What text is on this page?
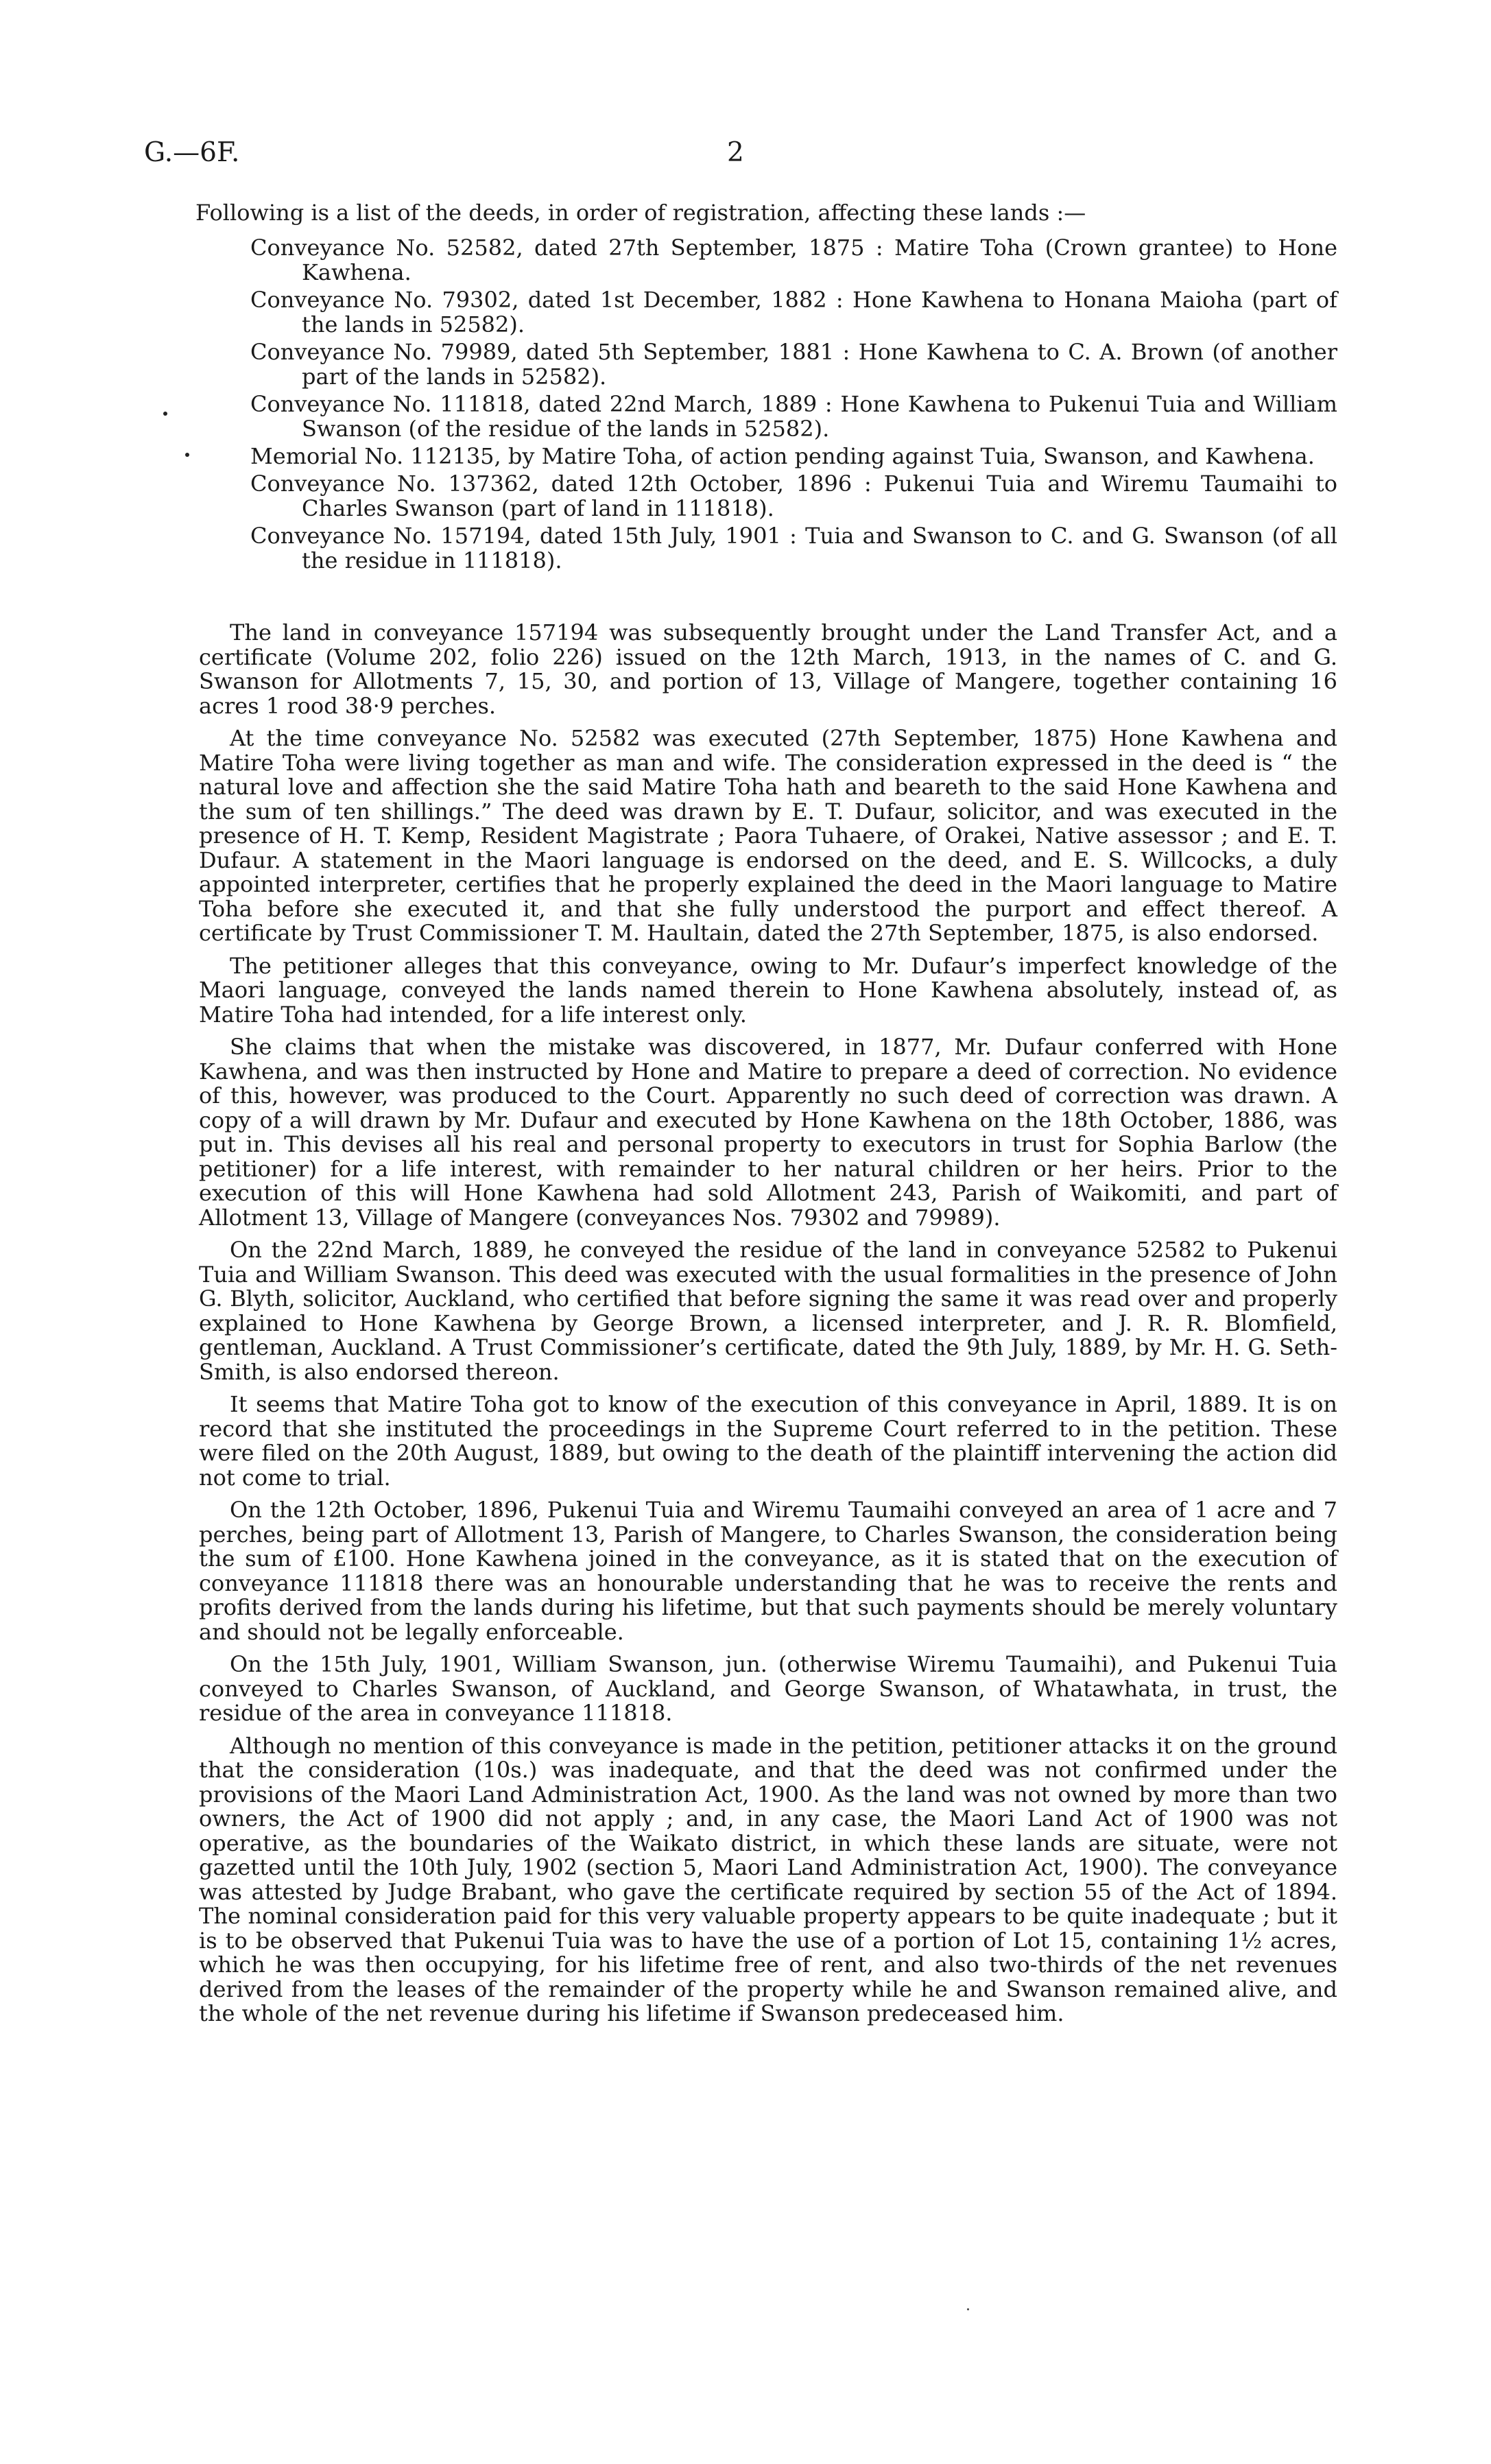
G.—6F.	2

Following is a list of the deeds, in order of registration, affecting these lands :—

Conveyance No. 52582, dated 27th September, 1875 : Matire Toha (Crown grantee) to Hone Kawhena.
Conveyance No. 79302, dated 1st December, 1882 : Hone Kawhena to Honana Maioha (part of the lands in 52582).
Conveyance No. 79989, dated 5th September, 1881 : Hone Kawhena to C. A. Brown (of another part of the lands in 52582).
Conveyance No. 111818, dated 22nd March, 1889 : Hone Kawhena to Pukenui Tuia and William Swanson (of the residue of the lands in 52582).
Memorial No. 112135, by Matire Toha, of action pending against Tuia, Swanson, and Kawhena.
Conveyance No. 137362, dated 12th October, 1896 : Pukenui Tuia and Wiremu Taumaihi to Charles Swanson (part of land in 111818).
Conveyance No. 157194, dated 15th July, 1901 : Tuia and Swanson to C. and G. Swanson (of all the residue in 111818).

The land in conveyance 157194 was subsequently brought under the Land Transfer Act, and a certificate (Volume 202, folio 226) issued on the 12th March, 1913, in the names of C. and G. Swanson for Allotments 7, 15, 30, and portion of 13, Village of Mangere, together containing 16 acres 1 rood 38·9 perches.

At the time conveyance No. 52582 was executed (27th September, 1875) Hone Kawhena and Matire Toha were living together as man and wife. The consideration expressed in the deed is “ the natural love and affection she the said Matire Toha hath and beareth to the said Hone Kawhena and the sum of ten shillings.” The deed was drawn by E. T. Dufaur, solicitor, and was executed in the presence of H. T. Kemp, Resident Magistrate ; Paora Tuhaere, of Orakei, Native assessor ; and E. T. Dufaur. A statement in the Maori language is endorsed on the deed, and E. S. Willcocks, a duly appointed interpreter, certifies that he properly explained the deed in the Maori language to Matire Toha before she executed it, and that she fully understood the purport and effect thereof. A certificate by Trust Commissioner T. M. Haultain, dated the 27th September, 1875, is also endorsed.

The petitioner alleges that this conveyance, owing to Mr. Dufaur’s imperfect knowledge of the Maori language, conveyed the lands named therein to Hone Kawhena absolutely, instead of, as Matire Toha had intended, for a life interest only.

She claims that when the mistake was discovered, in 1877, Mr. Dufaur conferred with Hone Kawhena, and was then instructed by Hone and Matire to prepare a deed of correction. No evidence of this, however, was produced to the Court. Apparently no such deed of correction was drawn. A copy of a will drawn by Mr. Dufaur and executed by Hone Kawhena on the 18th October, 1886, was put in. This devises all his real and personal property to executors in trust for Sophia Barlow (the petitioner) for a life interest, with remainder to her natural children or her heirs. Prior to the execution of this will Hone Kawhena had sold Allotment 243, Parish of Waikomiti, and part of Allotment 13, Village of Mangere (conveyances Nos. 79302 and 79989).

On the 22nd March, 1889, he conveyed the residue of the land in conveyance 52582 to Pukenui Tuia and William Swanson. This deed was executed with the usual formalities in the presence of John G. Blyth, solicitor, Auckland, who certified that before signing the same it was read over and properly explained to Hone Kawhena by George Brown, a licensed interpreter, and J. R. R. Blomfield, gentleman, Auckland. A Trust Commissioner’s certificate, dated the 9th July, 1889, by Mr. H. G. Seth-Smith, is also endorsed thereon.

It seems that Matire Toha got to know of the execution of this conveyance in April, 1889. It is on record that she instituted the proceedings in the Supreme Court referred to in the petition. These were filed on the 20th August, 1889, but owing to the death of the plaintiff intervening the action did not come to trial.

On the 12th October, 1896, Pukenui Tuia and Wiremu Taumaihi conveyed an area of 1 acre and 7 perches, being part of Allotment 13, Parish of Mangere, to Charles Swanson, the consideration being the sum of £100. Hone Kawhena joined in the conveyance, as it is stated that on the execution of conveyance 111818 there was an honourable understanding that he was to receive the rents and profits derived from the lands during his lifetime, but that such payments should be merely voluntary and should not be legally enforceable.

On the 15th July, 1901, William Swanson, jun. (otherwise Wiremu Taumaihi), and Pukenui Tuia conveyed to Charles Swanson, of Auckland, and George Swanson, of Whatawhata, in trust, the residue of the area in conveyance 111818.

Although no mention of this conveyance is made in the petition, petitioner attacks it on the ground that the consideration (10s.) was inadequate, and that the deed was not confirmed under the provisions of the Maori Land Administration Act, 1900. As the land was not owned by more than two owners, the Act of 1900 did not apply ; and, in any case, the Maori Land Act of 1900 was not operative, as the boundaries of the Waikato district, in which these lands are situate, were not gazetted until the 10th July, 1902 (section 5, Maori Land Administration Act, 1900). The conveyance was attested by Judge Brabant, who gave the certificate required by section 55 of the Act of 1894. The nominal consideration paid for this very valuable property appears to be quite inadequate ; but it is to be observed that Pukenui Tuia was to have the use of a portion of Lot 15, containing 1½ acres, which he was then occupying, for his lifetime free of rent, and also two-thirds of the net revenues derived from the leases of the remainder of the property while he and Swanson remained alive, and the whole of the net revenue during his lifetime if Swanson predeceased him.
